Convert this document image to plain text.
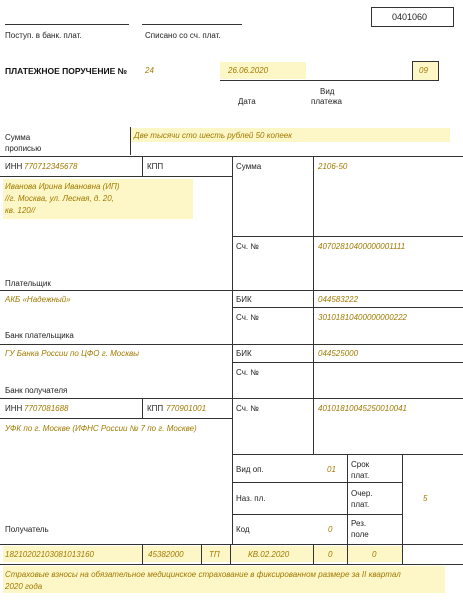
0401060
Поступ. в банк. плат.	Списано со сч. плат.
ПЛАТЕЖНОЕ ПОРУЧЕНИЕ № 24	26.06.2020	09
Дата
Вид
платежа
Сумма
прописью
Две тысячи сто шесть рублей 50 копеек
ИНН 770712345678	КПП	Сумма	2106-50
Иванова Ирина Ивановна (ИП)
//г. Москва, ул. Лесная, д. 20,
кв. 120//
Сч. №	40702810400000001111
Плательщик
АКБ «Надежный»	БИК	044583222
Сч. №	30101810400000000222
Банк плательщика
ГУ Банка России по ЦФО г. Москвы	БИК	044525000
Сч. №
Банк получателя
ИНН 7707081688	КПП 770901001	Сч. №	40101810045250010041
УФК по г. Москве (ИФНС России № 7 по г. Москве)
Вид оп.	01
Срок
плат.
Наз. пл.
Очер.
плат.
5
Код	0
Рез.
поле
Получатель
18210202103081013160	45382000	ТП	КВ.02.2020	0	0
Страховые взносы на обязательное медицинское страхование в фиксированном размере за II квартал
2020 года
